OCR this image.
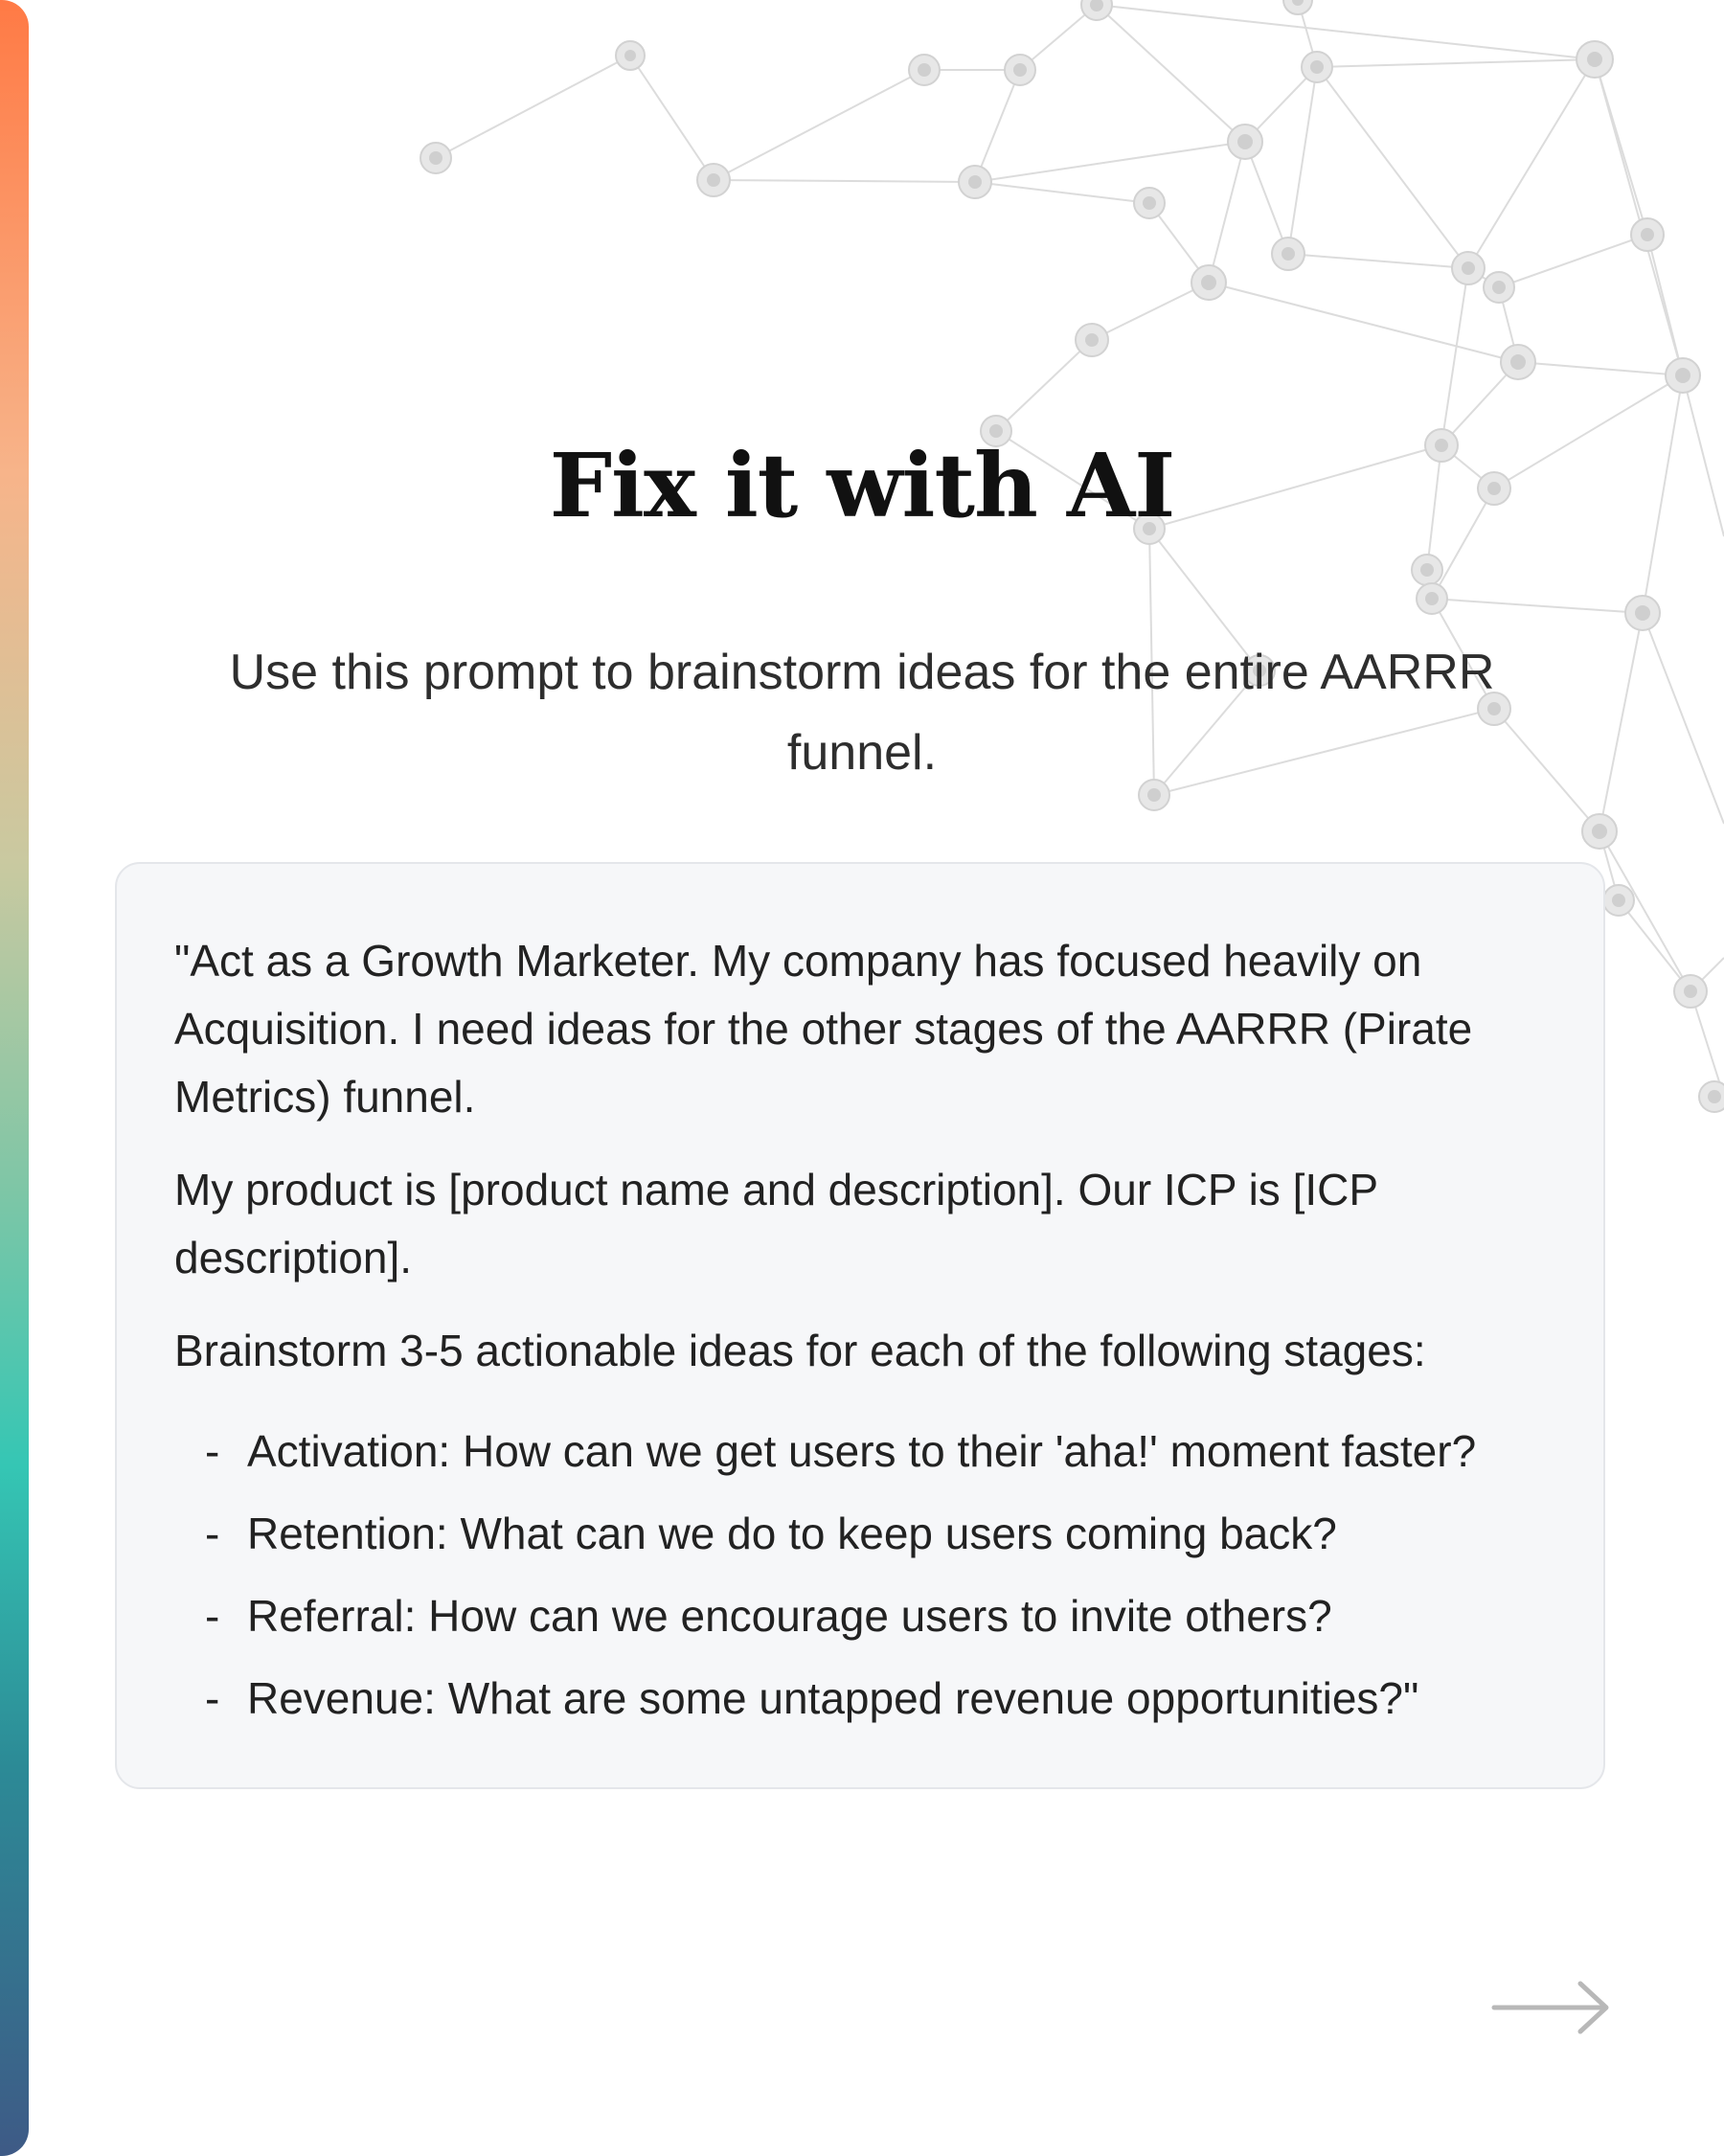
Fix it with AI

Use this prompt to brainstorm ideas for the entire AARRR funnel.

"Act as a Growth Marketer. My company has focused heavily on Acquisition. I need ideas for the other stages of the AARRR (Pirate Metrics) funnel.

My product is [product name and description]. Our ICP is [ICP description].

Brainstorm 3-5 actionable ideas for each of the following stages:

- Activation: How can we get users to their 'aha!' moment faster?
- Retention: What can we do to keep users coming back?
- Referral: How can we encourage users to invite others?
- Revenue: What are some untapped revenue opportunities?"
